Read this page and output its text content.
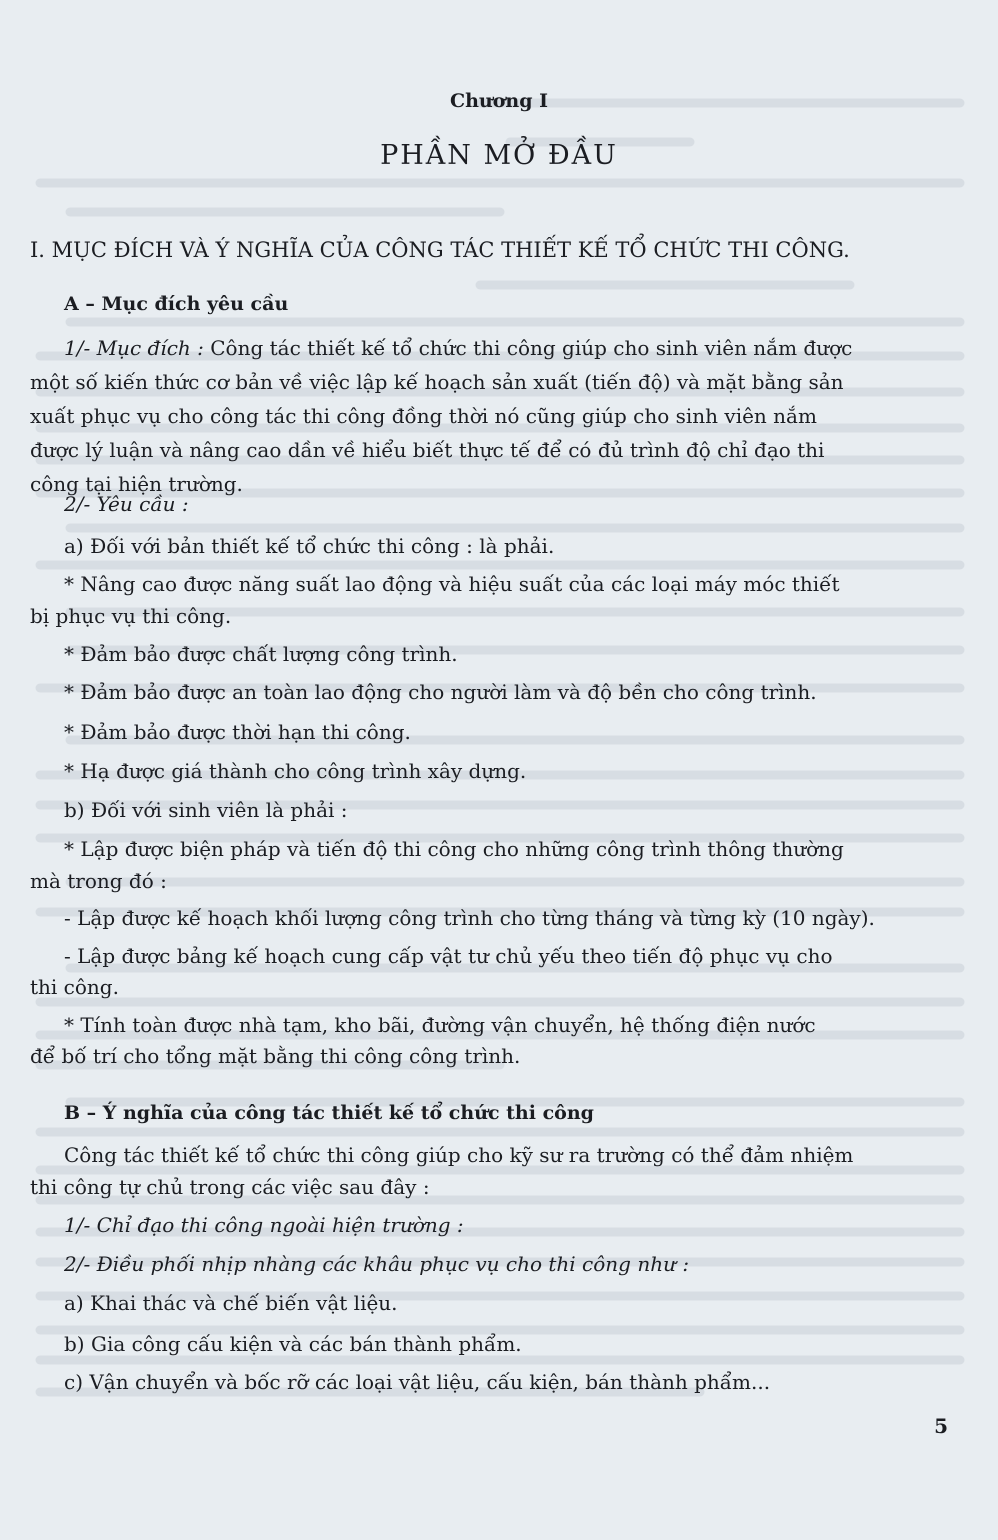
Chương I
PHẦN MỞ ĐẦU
I. MỤC ĐÍCH VÀ Ý NGHĨA CỦA CÔNG TÁC THIẾT KẾ TỔ CHỨC THI CÔNG.
A – Mục đích yêu cầu
1/- Mục đích : Công tác thiết kế tổ chức thi công giúp cho sinh viên nắm được
một số kiến thức cơ bản về việc lập kế hoạch sản xuất (tiến độ) và mặt bằng sản
xuất phục vụ cho công tác thi công đồng thời nó cũng giúp cho sinh viên nắm
được lý luận và nâng cao dần về hiểu biết thực tế để có đủ trình độ chỉ đạo thi
công tại hiện trường.
2/- Yêu cầu :
a) Đối với bản thiết kế tổ chức thi công : là phải.
* Nâng cao được năng suất lao động và hiệu suất của các loại máy móc thiết
bị phục vụ thi công.
* Đảm bảo được chất lượng công trình.
* Đảm bảo được an toàn lao động cho người làm và độ bền cho công trình.
* Đảm bảo được thời hạn thi công.
* Hạ được giá thành cho công trình xây dựng.
b) Đối với sinh viên là phải :
* Lập được biện pháp và tiến độ thi công cho những công trình thông thường
mà trong đó :
- Lập được kế hoạch khối lượng công trình cho từng tháng và từng kỳ (10 ngày).
- Lập được bảng kế hoạch cung cấp vật tư chủ yếu theo tiến độ phục vụ cho
thi công.
* Tính toàn được nhà tạm, kho bãi, đường vận chuyển, hệ thống điện nước
để bố trí cho tổng mặt bằng thi công công trình.
B – Ý nghĩa của công tác thiết kế tổ chức thi công
Công tác thiết kế tổ chức thi công giúp cho kỹ sư ra trường có thể đảm nhiệm
thi công tự chủ trong các việc sau đây :
1/- Chỉ đạo thi công ngoài hiện trường :
2/- Điều phối nhịp nhàng các khâu phục vụ cho thi công như :
a) Khai thác và chế biến vật liệu.
b) Gia công cấu kiện và các bán thành phẩm.
c) Vận chuyển và bốc rỡ các loại vật liệu, cấu kiện, bán thành phẩm...
5
